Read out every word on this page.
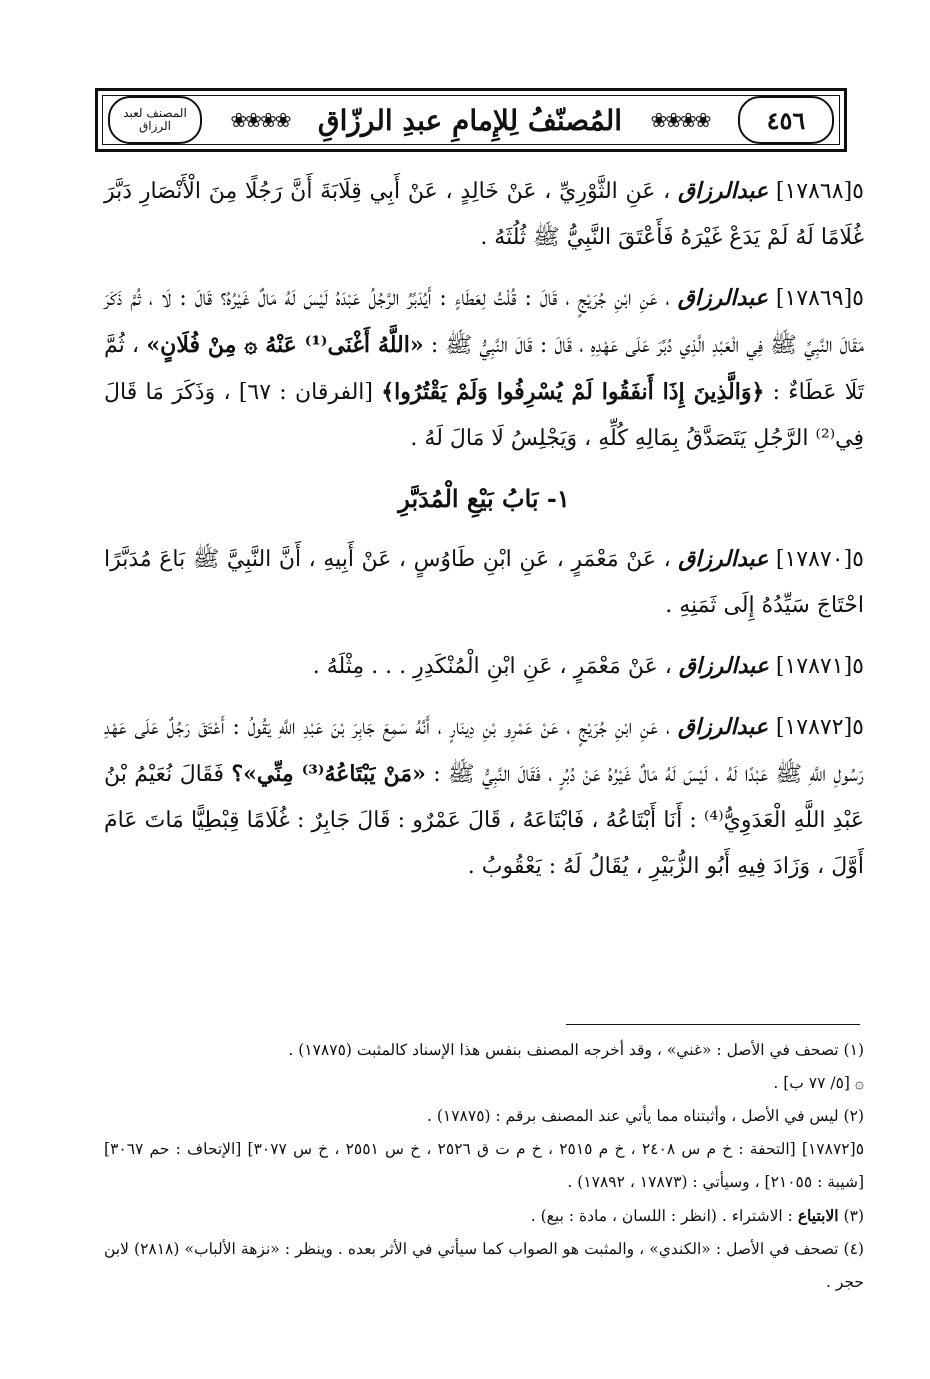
المصنف لعبد الرزاق	❀❀❀❀ المُصنّفُ لِلإِمامِ عبدِ الرزّاقِ ❀❀❀❀ ٤٥٦

٥[١٧٨٦٨] عبدالرزاق ، عَنِ الثَّوْرِيِّ ، عَنْ خَالِدٍ ، عَنْ أَبِي قِلَابَةَ أَنَّ رَجُلًا مِنَ الْأَنْصَارِ دَبَّرَ غُلَامًا لَهُ لَمْ يَدَعْ غَيْرَهُ فَأَعْتَقَ النَّبِيُّ ﷺ ثُلُثَهُ .

٥[١٧٨٦٩] عبدالرزاق ، عَنِ ابْنِ جُرَيْجٍ ، قَالَ : قُلْتُ لِعَطَاءٍ : أَيُدَبِّرُ الرَّجُلُ عَبْدَهُ لَيْسَ لَهُ مَالٌ غَيْرُهُ؟ قَالَ : لَا ، ثُمَّ ذَكَرَ مَقَالَ النَّبِيِّ ﷺ فِي الْعَبْدِ الَّذِي دُبِّرَ عَلَى عَهْدِهِ ، قَالَ : قَالَ النَّبِيُّ ﷺ : «اللَّهُ أَغْنَى⁽¹⁾ عَنْهُ ۞ مِنْ فُلَانٍ» ، ثُمَّ تَلَا عَطَاءٌ : ﴿وَالَّذِينَ إِذَا أَنفَقُوا لَمْ يُسْرِفُوا وَلَمْ يَقْتُرُوا﴾ [الفرقان : ٦٧] ، وَذَكَرَ مَا قَالَ فِي⁽²⁾ الرَّجُلِ يَتَصَدَّقُ بِمَالِهِ كُلِّهِ ، وَيَجْلِسُ لَا مَالَ لَهُ .

١- بَابُ بَيْعِ الْمُدَبَّرِ

٥[١٧٨٧٠] عبدالرزاق ، عَنْ مَعْمَرٍ ، عَنِ ابْنِ طَاوُسٍ ، عَنْ أَبِيهِ ، أَنَّ النَّبِيَّ ﷺ بَاعَ مُدَبَّرًا احْتَاجَ سَيِّدُهُ إِلَى ثَمَنِهِ .

٥[١٧٨٧١] عبدالرزاق ، عَنْ مَعْمَرٍ ، عَنِ ابْنِ الْمُنْكَدِرِ . . . مِثْلَهُ .

٥[١٧٨٧٢] عبدالرزاق ، عَنِ ابْنِ جُرَيْجٍ ، عَنْ عَمْرِو بْنِ دِينَارٍ ، أَنَّهُ سَمِعَ جَابِرَ بْنَ عَبْدِ اللَّهِ يَقُولُ : أَعْتَقَ رَجُلٌ عَلَى عَهْدِ رَسُولِ اللَّهِ ﷺ عَبْدًا لَهُ ، لَيْسَ لَهُ مَالٌ غَيْرُهُ عَنْ دُبُرٍ ، فَقَالَ النَّبِيُّ ﷺ : «مَنْ يَبْتَاعُهُ⁽³⁾ مِنِّي»؟ فَقَالَ نُعَيْمُ بْنُ عَبْدِ اللَّهِ الْعَدَوِيُّ⁽⁴⁾ : أَنَا أَبْتَاعُهُ ، فَابْتَاعَهُ ، قَالَ عَمْرٌو : قَالَ جَابِرٌ : غُلَامًا قِبْطِيًّا مَاتَ عَامَ أَوَّلَ ، وَزَادَ فِيهِ أَبُو الزُّبَيْرِ ، يُقَالُ لَهُ : يَعْقُوبُ .

(١) تصحف في الأصل : «غني» ، وقد أخرجه المصنف بنفس هذا الإسناد كالمثبت (١٧٨٧٥) .

۞ [٥/ ٧٧ ب] .

(٢) ليس في الأصل ، وأثبتناه مما يأتي عند المصنف برقم : (١٧٨٧٥) .

٥[١٧٨٧٢] [التحفة : خ م س ٢٤٠٨ ، خ م ٢٥١٥ ، خ م ت ق ٢٥٢٦ ، خ س ٢٥٥١ ، خ س ٣٠٧٧] [الإتحاف : حم ٣٠٦٧] [شيبة : ٢١٠٥٥] ، وسيأتي : (١٧٨٧٣ ، ١٧٨٩٢) .

(٣) الابتياع : الاشتراء . (انظر : اللسان ، مادة : بيع) .

(٤) تصحف في الأصل : «الكندي» ، والمثبت هو الصواب كما سيأتي في الأثر بعده . وينظر : «نزهة الألباب» (٢٨١٨) لابن حجر .
